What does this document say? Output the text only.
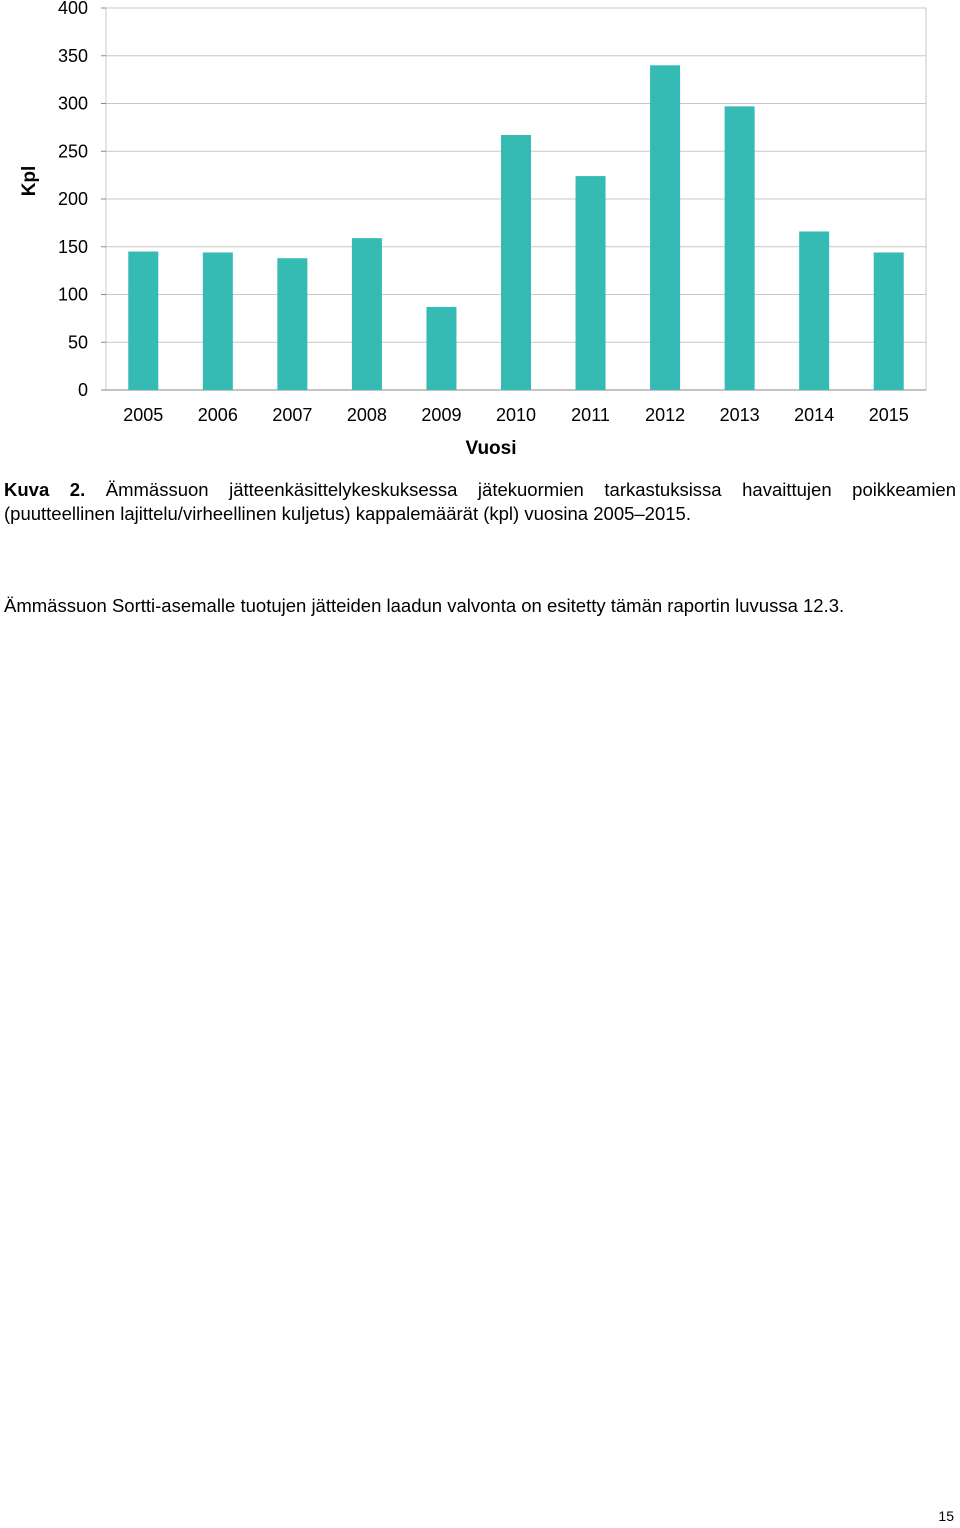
0
50
100
150
200
250
300
350
400
2005 2006 2007 2008 2009 2010 2011 2012 2013 2014 2015
Kpl
Vuosi

Kuva 2. Ämmässuon jätteenkäsittelykeskuksessa jätekuormien tarkastuksissa havaittujen poikkeamien (puutteellinen lajittelu/virheellinen kuljetus) kappalemäärät (kpl) vuosina 2005–2015.

Ämmässuon Sortti-asemalle tuotujen jätteiden laadun valvonta on esitetty tämän raportin luvussa 12.3.

15
